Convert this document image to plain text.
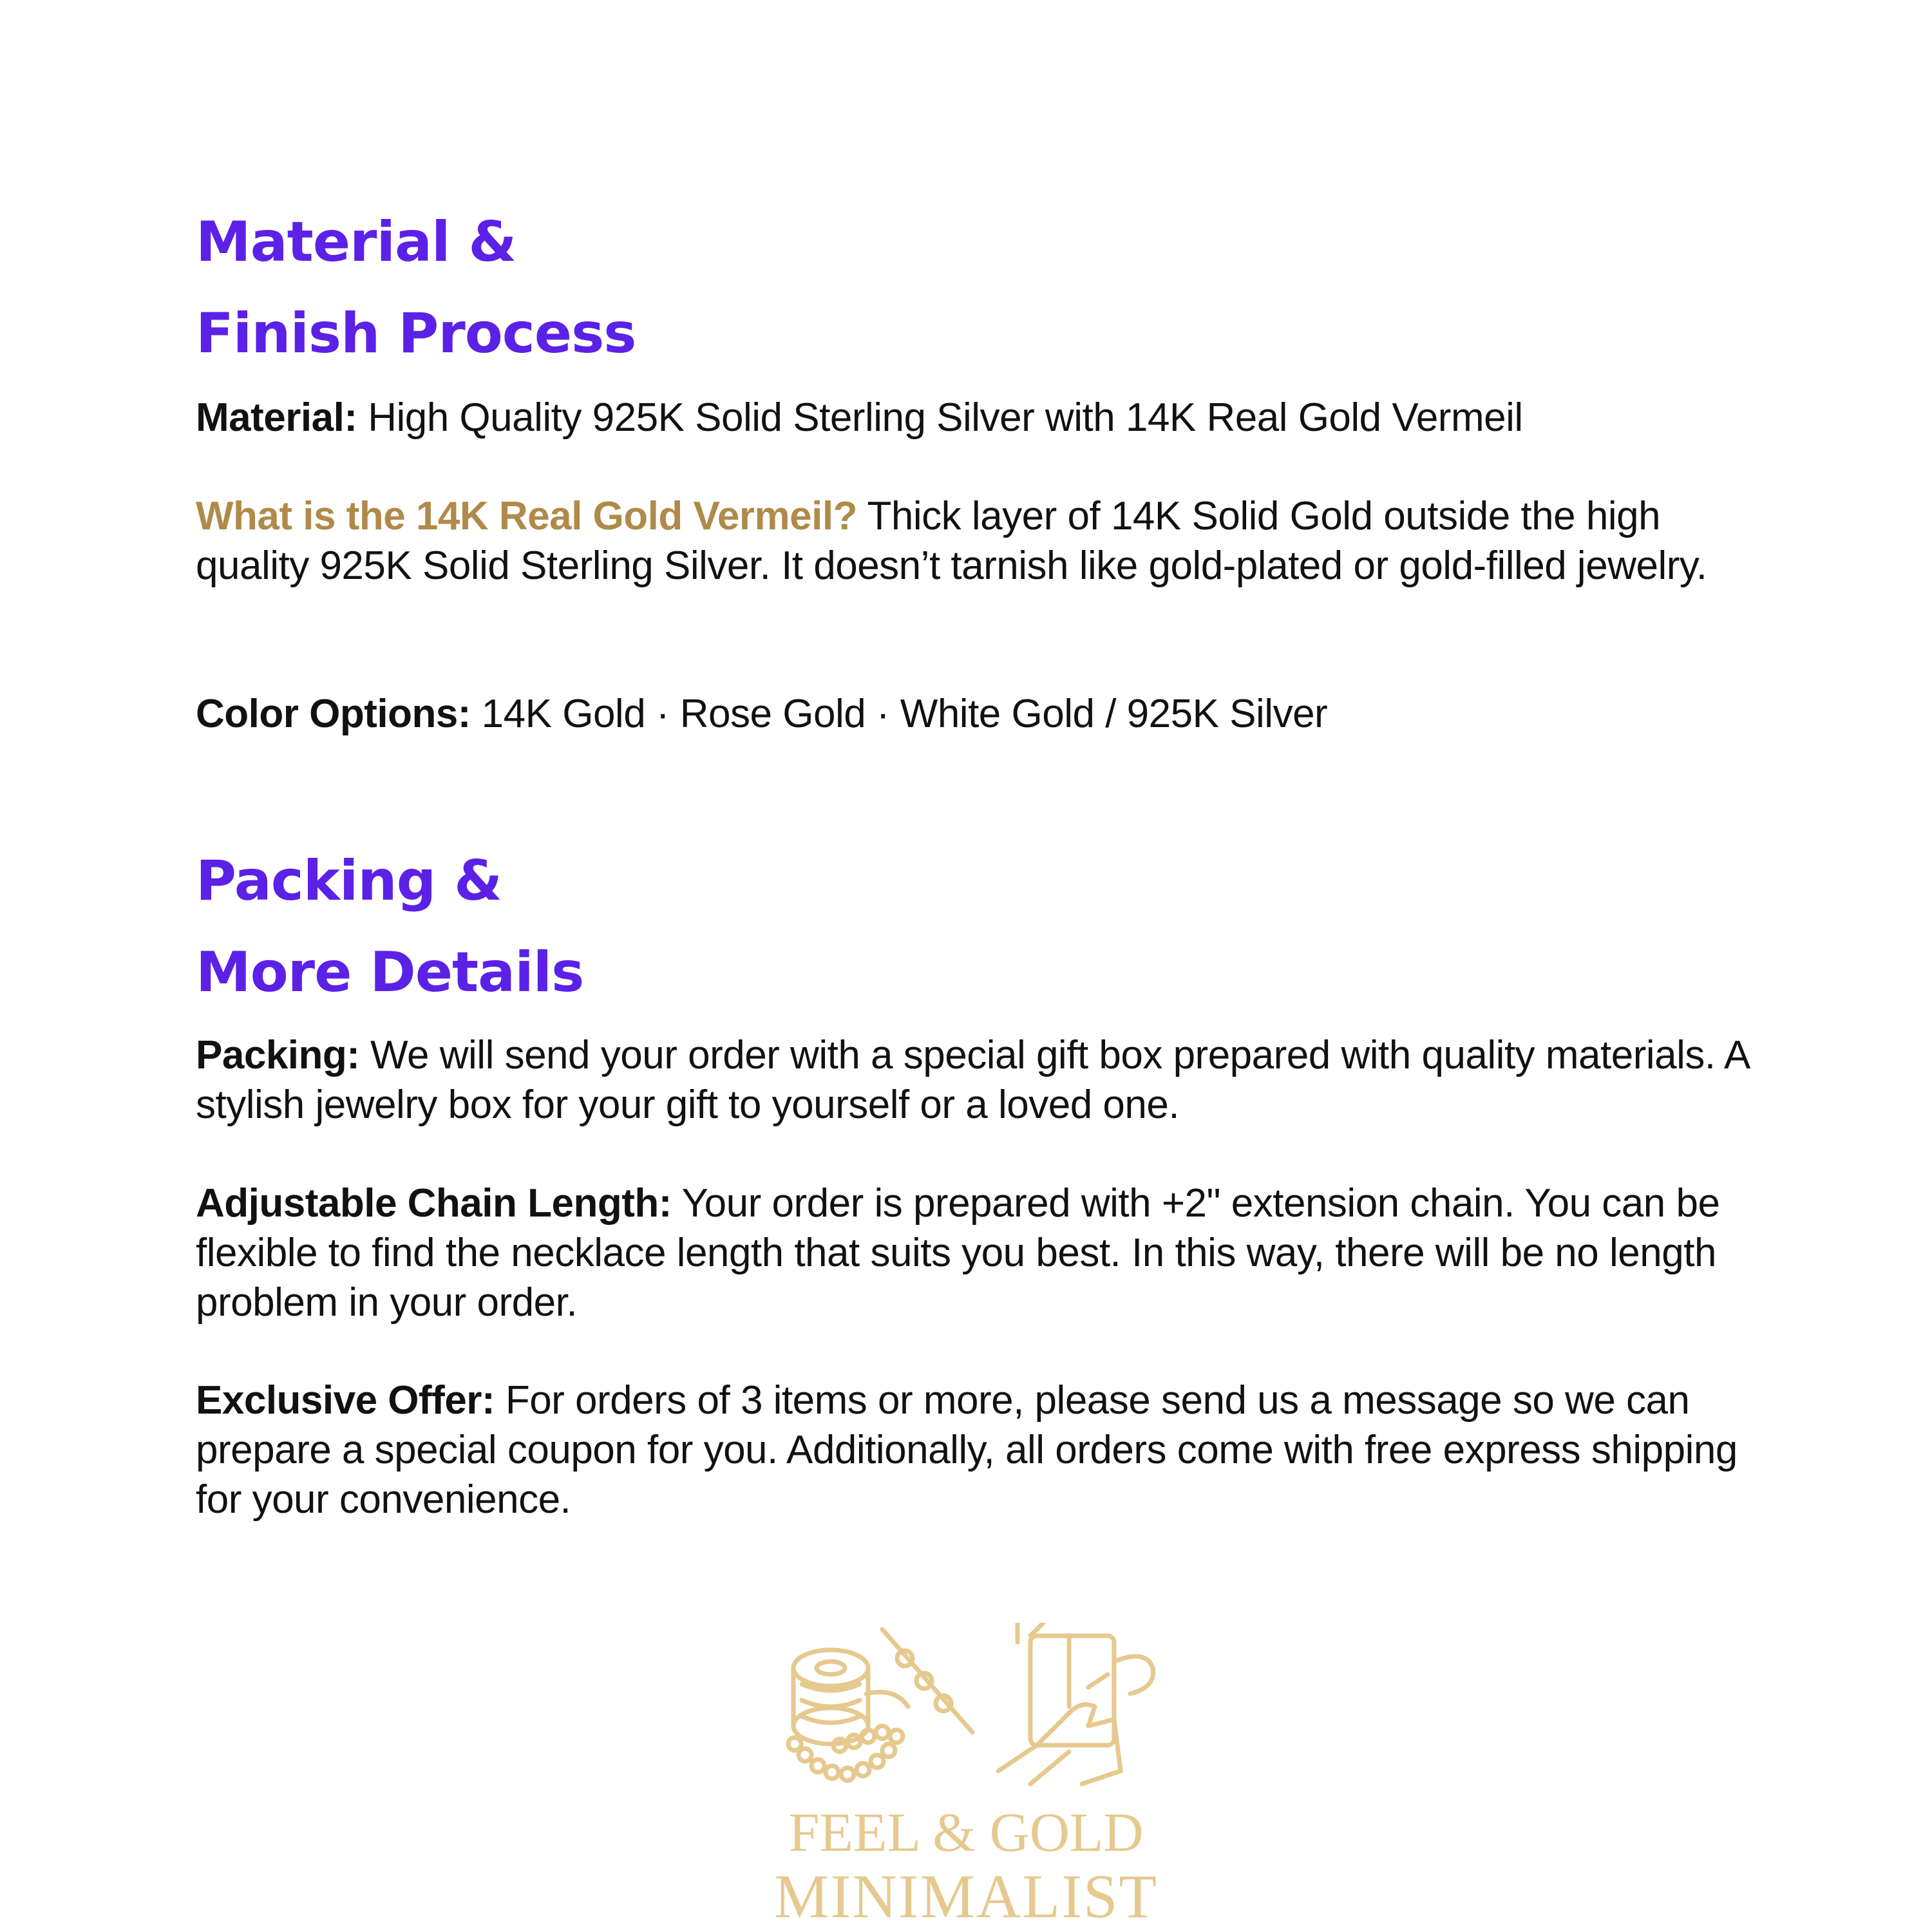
Material &
Finish Process

Material: High Quality 925K Solid Sterling Silver with 14K Real Gold Vermeil

What is the 14K Real Gold Vermeil? Thick layer of 14K Solid Gold outside the high quality 925K Solid Sterling Silver. It doesn’t tarnish like gold-plated or gold-filled jewelry.

Color Options: 14K Gold · Rose Gold · White Gold / 925K Silver

Packing &
More Details

Packing: We will send your order with a special gift box prepared with quality materials. A stylish jewelry box for your gift to yourself or a loved one.

Adjustable Chain Length: Your order is prepared with +2" extension chain. You can be flexible to find the necklace length that suits you best. In this way, there will be no length problem in your order.

Exclusive Offer: For orders of 3 items or more, please send us a message so we can prepare a special coupon for you. Additionally, all orders come with free express shipping for your convenience.

FEEL & GOLD
MINIMALIST
